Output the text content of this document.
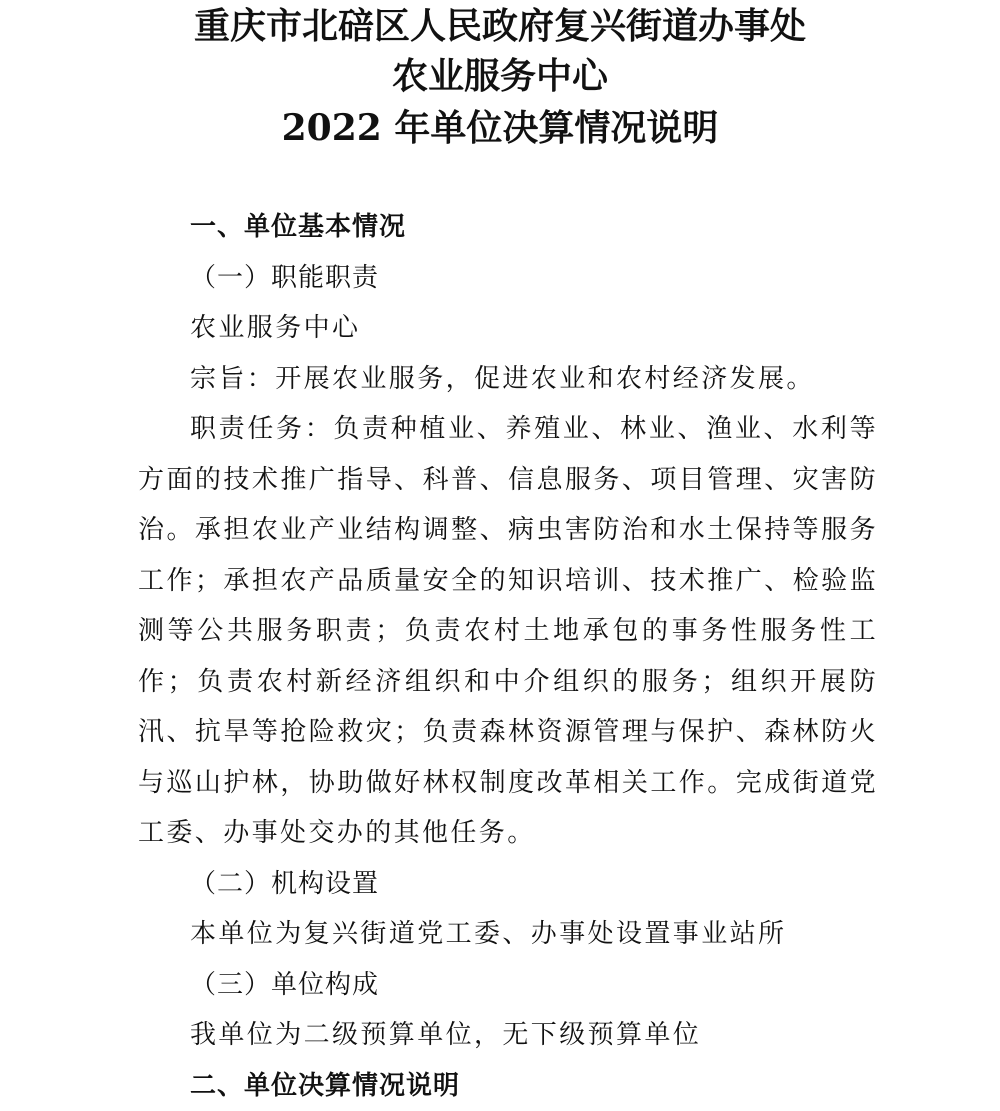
重庆市北碚区人民政府复兴街道办事处
农业服务中心
2022 年单位决算情况说明

一、单位基本情况

（一）职能职责

农业服务中心

宗旨：开展农业服务，促进农业和农村经济发展。

职责任务：负责种植业、养殖业、林业、渔业、水利等方面的技术推广指导、科普、信息服务、项目管理、灾害防治。承担农业产业结构调整、病虫害防治和水土保持等服务工作；承担农产品质量安全的知识培训、技术推广、检验监测等公共服务职责；负责农村土地承包的事务性服务性工作；负责农村新经济组织和中介组织的服务；组织开展防汛、抗旱等抢险救灾；负责森林资源管理与保护、森林防火与巡山护林，协助做好林权制度改革相关工作。完成街道党工委、办事处交办的其他任务。

（二）机构设置

本单位为复兴街道党工委、办事处设置事业站所

（三）单位构成

我单位为二级预算单位，无下级预算单位

二、单位决算情况说明
